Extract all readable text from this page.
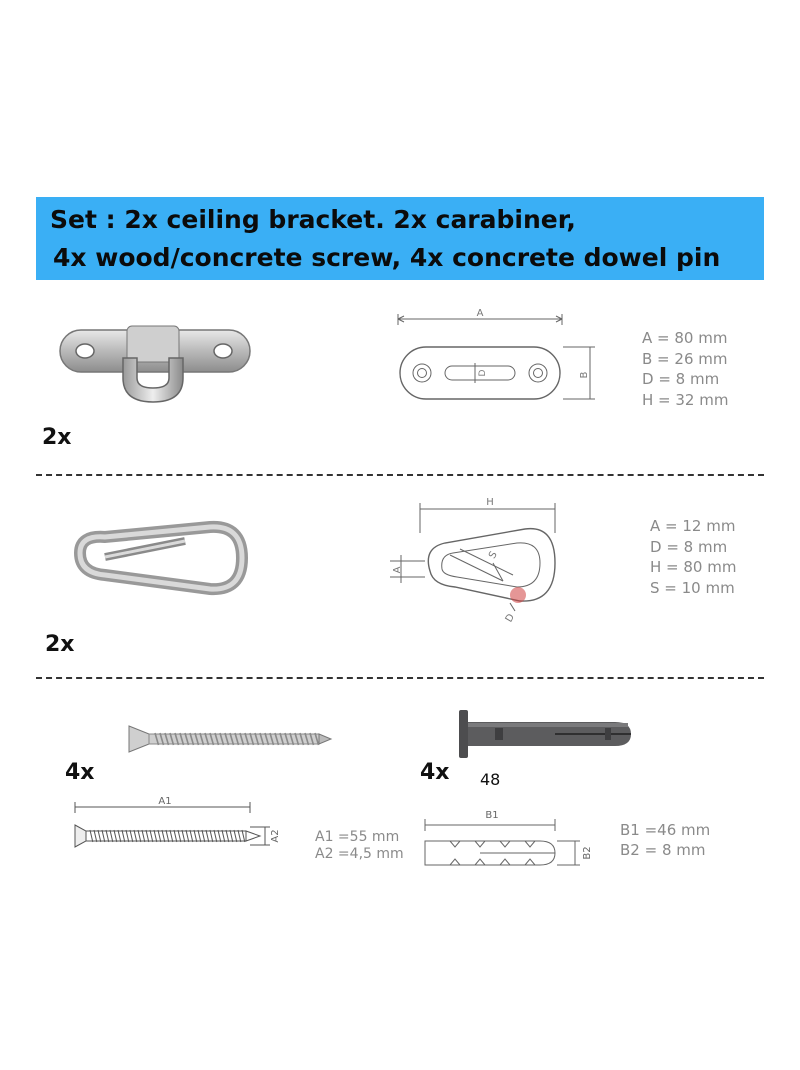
Set : 2x ceiling bracket. 2x carabiner,
4x wood/concrete screw, 4x concrete dowel pin
2x
A
B
D
A = 80 mm
B = 26 mm
D = 8 mm
H = 32 mm
2x
H
A
S
D
A = 12 mm
D = 8 mm
H = 80 mm
S = 10 mm
4x
A1
A2 A1 =55 mm
A2 =4,5 mm
4x 48
B1
B2
B1 =46 mm
B2 = 8 mm
